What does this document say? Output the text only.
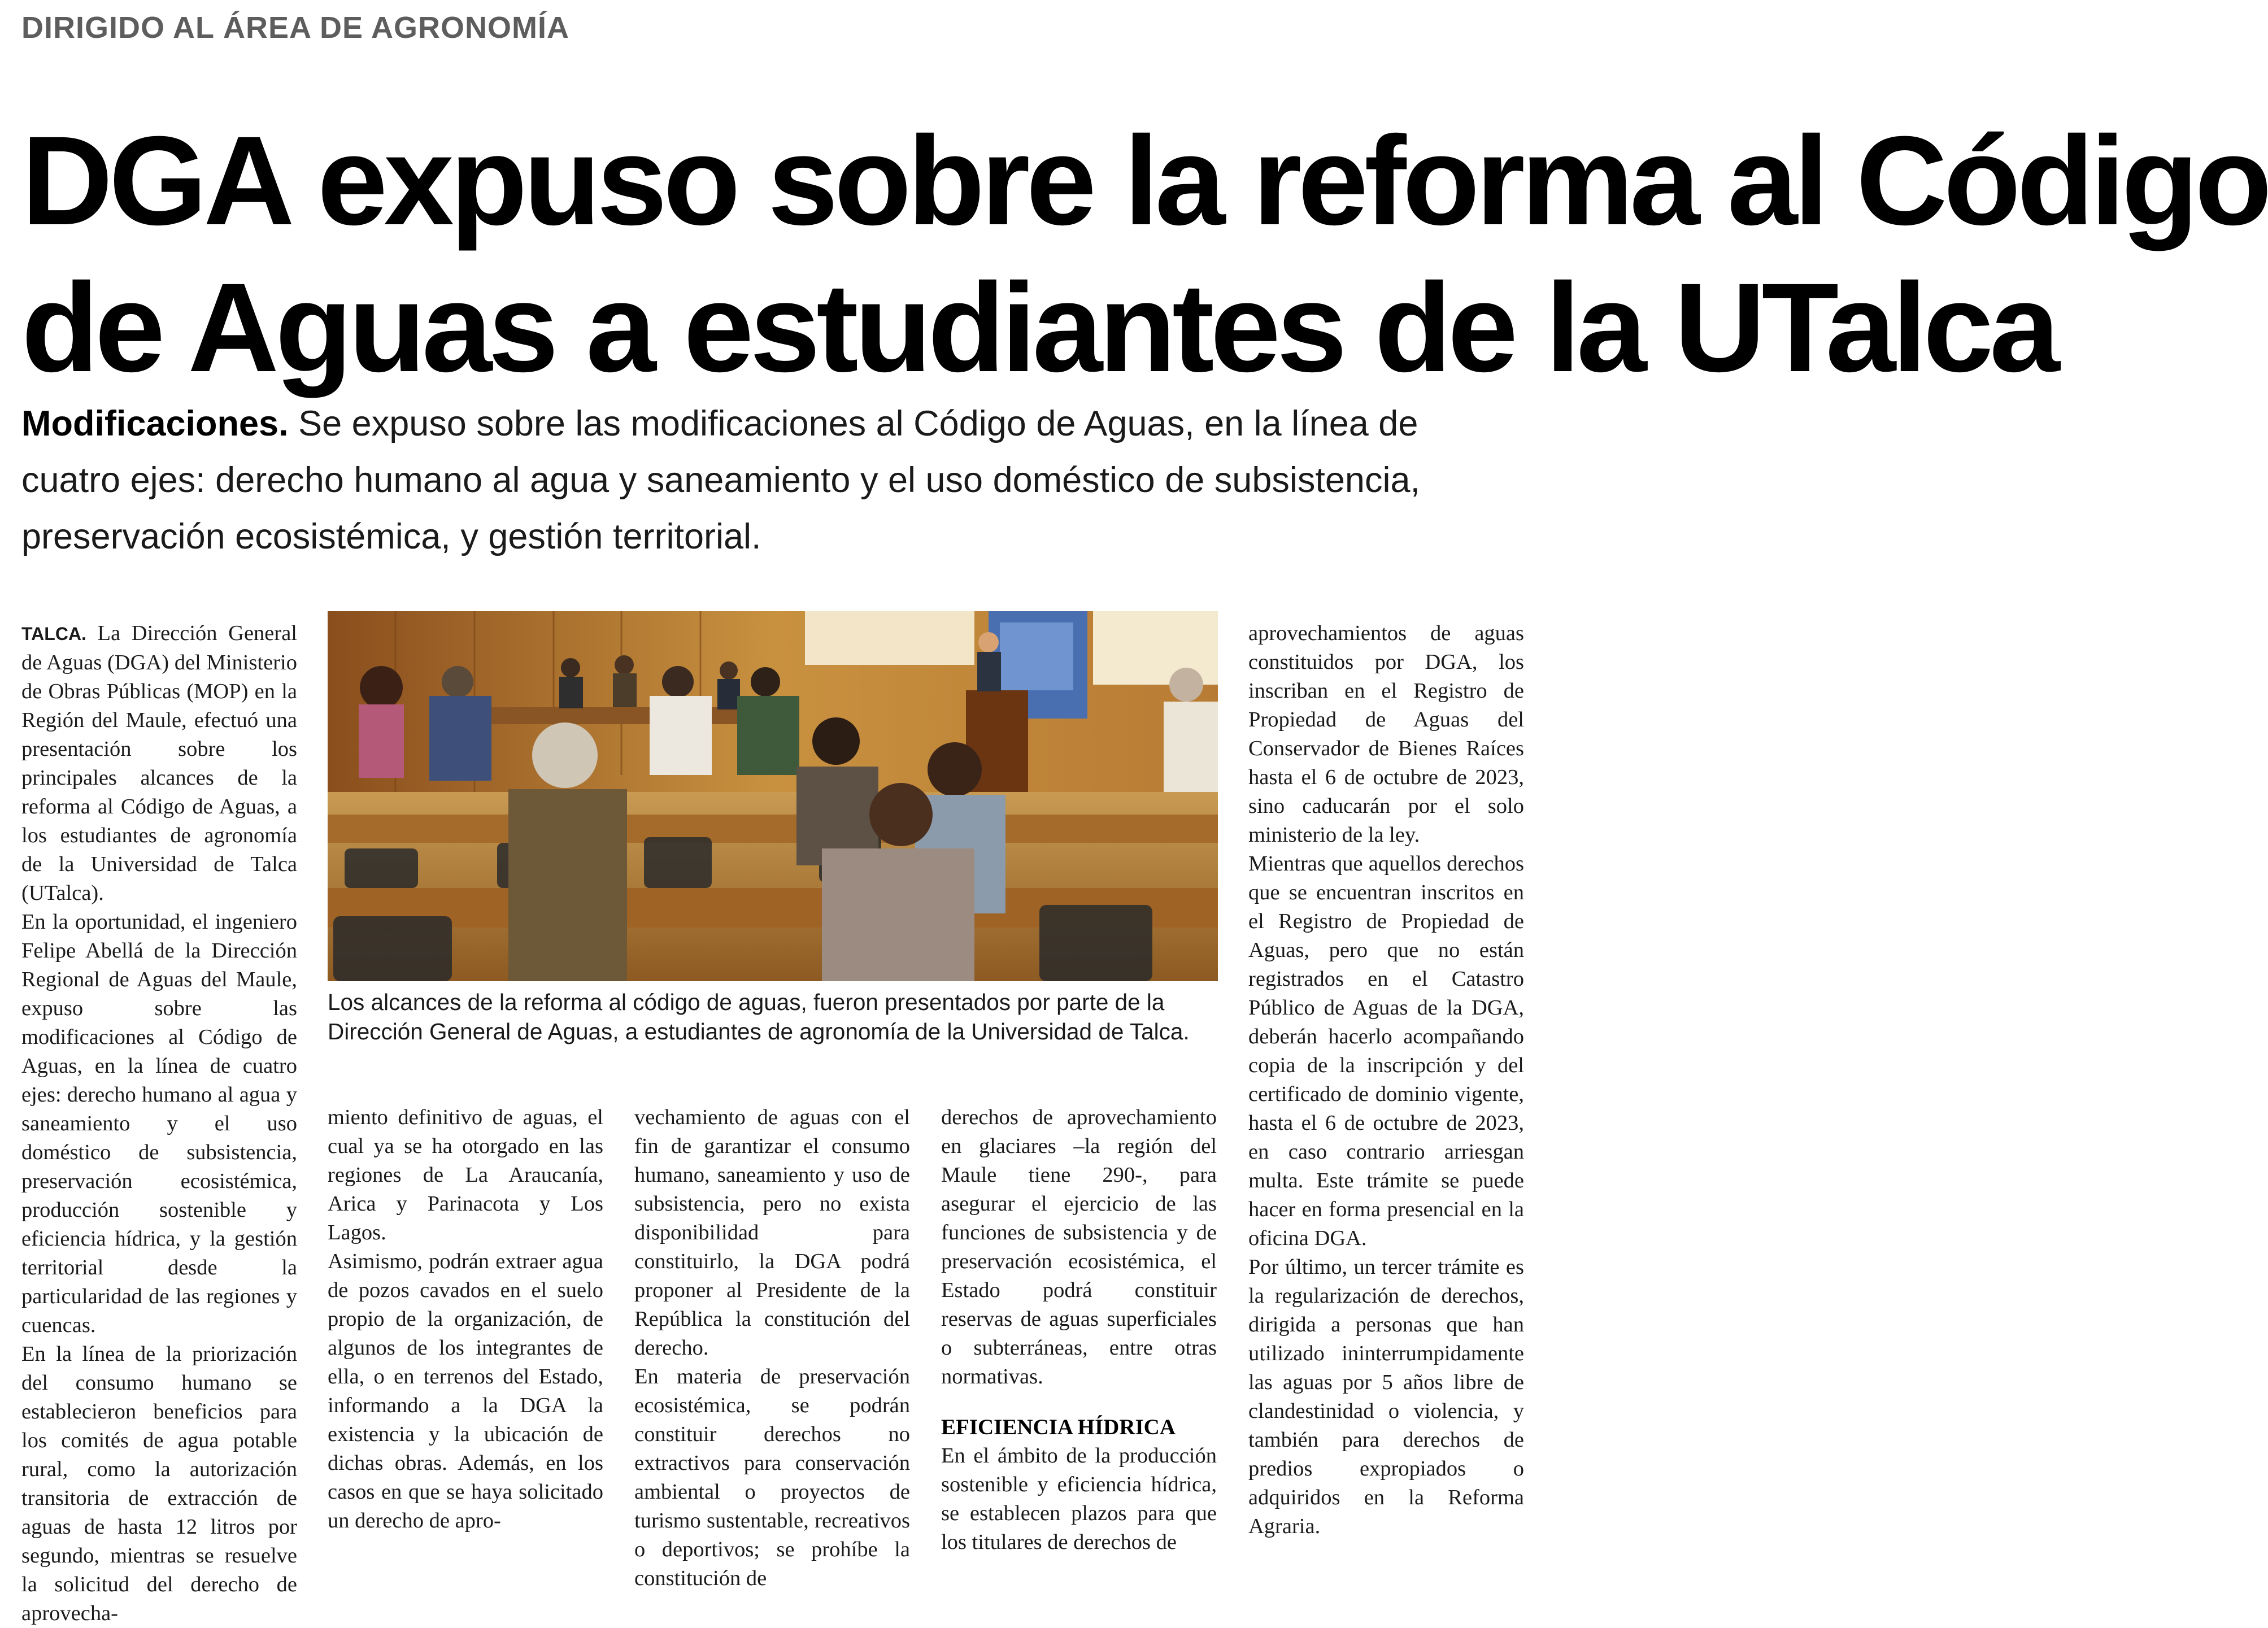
DIRIGIDO AL ÁREA DE AGRONOMÍA
DGA expuso sobre la reforma al Código
de Aguas a estudiantes de la UTalca
Modificaciones. Se expuso sobre las modificaciones al Código de Aguas, en la línea de cuatro ejes: derecho humano al agua y saneamiento y el uso doméstico de subsistencia, preservación ecosistémica, y gestión territorial.

TALCA. La Dirección General de Aguas (DGA) del Ministerio de Obras Públicas (MOP) en la Región del Maule, efectuó una presentación sobre los principales alcances de la reforma al Código de Aguas, a los estudiantes de agronomía de la Universidad de Talca (UTalca).

En la oportunidad, el ingeniero Felipe Abellá de la Dirección Regional de Aguas del Maule, expuso sobre las modificaciones al Código de Aguas, en la línea de cuatro ejes: derecho humano al agua y saneamiento y el uso doméstico de subsistencia, preservación ecosistémica, producción sostenible y eficiencia hídrica, y la gestión territorial desde la particularidad de las regiones y cuencas.

En la línea de la priorización del consumo humano se establecieron beneficios para los comités de agua potable rural, como la autorización transitoria de extracción de aguas de hasta 12 litros por segundo, mientras se resuelve la solicitud del derecho de aprovecha-

Los alcances de la reforma al código de aguas, fueron presentados por parte de la Dirección General de Aguas, a estudiantes de agronomía de la Universidad de Talca.

miento definitivo de aguas, el cual ya se ha otorgado en las regiones de La Araucanía, Arica y Parinacota y Los Lagos.

Asimismo, podrán extraer agua de pozos cavados en el suelo propio de la organización, de algunos de los integrantes de ella, o en terrenos del Estado, informando a la DGA la existencia y la ubicación de dichas obras. Además, en los casos en que se haya solicitado un derecho de apro-

vechamiento de aguas con el fin de garantizar el consumo humano, saneamiento y uso de subsistencia, pero no exista disponibilidad para constituirlo, la DGA podrá proponer al Presidente de la República la constitución del derecho.

En materia de preservación ecosistémica, se podrán constituir derechos no extractivos para conservación ambiental o proyectos de turismo sustentable, recreativos o deportivos; se prohíbe la constitución de

derechos de aprovechamiento en glaciares –la región del Maule tiene 290-, para asegurar el ejercicio de las funciones de subsistencia y de preservación ecosistémica, el Estado podrá constituir reservas de aguas superficiales o subterráneas, entre otras normativas.

EFICIENCIA HÍDRICA

En el ámbito de la producción sostenible y eficiencia hídrica, se establecen plazos para que los titulares de derechos de

aprovechamientos de aguas constituidos por DGA, los inscriban en el Registro de Propiedad de Aguas del Conservador de Bienes Raíces hasta el 6 de octubre de 2023, sino caducarán por el solo ministerio de la ley.

Mientras que aquellos derechos que se encuentran inscritos en el Registro de Propiedad de Aguas, pero que no están registrados en el Catastro Público de Aguas de la DGA, deberán hacerlo acompañando copia de la inscripción y del certificado de dominio vigente, hasta el 6 de octubre de 2023, en caso contrario arriesgan multa. Este trámite se puede hacer en forma presencial en la oficina DGA.

Por último, un tercer trámite es la regularización de derechos, dirigida a personas que han utilizado ininterrumpidamente las aguas por 5 años libre de clandestinidad o violencia, y también para derechos de predios expropiados o adquiridos en la Reforma Agraria.
